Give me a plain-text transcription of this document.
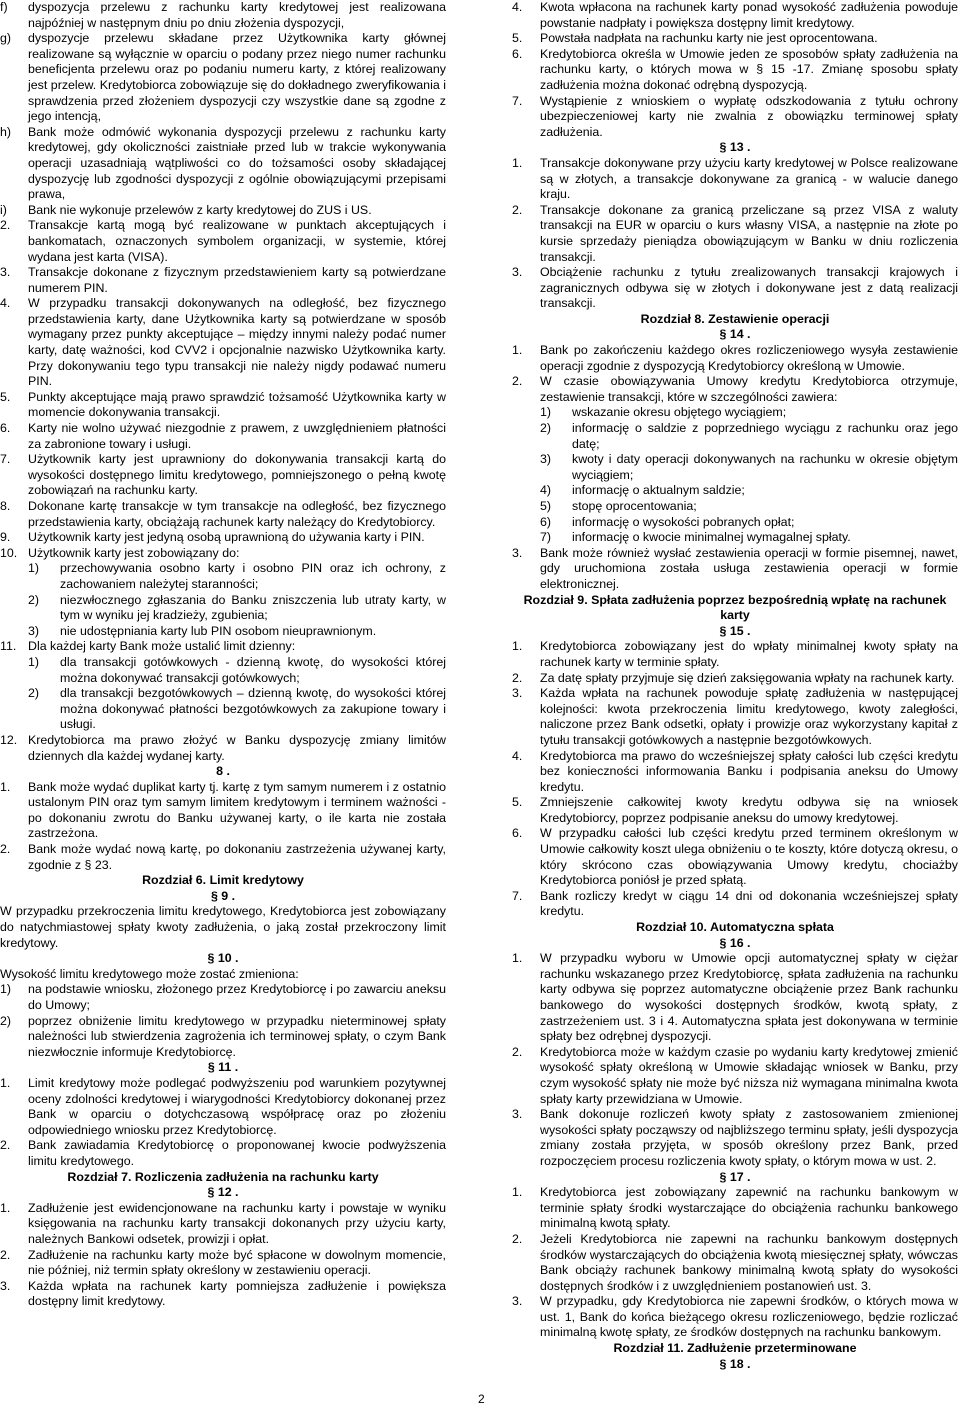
f)	dyspozycja przelewu z rachunku karty kredytowej jest realizowana najpóźniej w następnym dniu po dniu złożenia dyspozycji,
g)	dyspozycje przelewu składane przez Użytkownika karty głównej realizowane są wyłącznie w oparciu o podany przez niego numer rachunku beneficjenta przelewu oraz po podaniu numeru karty, z której realizowany jest przelew. Kredytobiorca zobowiązuje się do dokładnego zweryfikowania i sprawdzenia przed złożeniem dyspozycji czy wszystkie dane są zgodne z jego intencją,
h)	Bank może odmówić wykonania dyspozycji przelewu z rachunku karty kredytowej, gdy okoliczności zaistniałe przed lub w trakcie wykonywania operacji uzasadniają wątpliwości co do tożsamości osoby składającej dyspozycję lub zgodności dyspozycji z ogólnie obowiązującymi przepisami prawa,
i)	Bank nie wykonuje przelewów z karty kredytowej do ZUS i US.
2.	Transakcje kartą mogą być realizowane w punktach akceptujących i bankomatach, oznaczonych symbolem organizacji, w systemie, której wydana jest karta (VISA).
3.	Transakcje dokonane z fizycznym przedstawieniem karty są potwierdzane numerem PIN.
4.	W przypadku transakcji dokonywanych na odległość, bez fizycznego przedstawienia karty, dane Użytkownika karty są potwierdzane w sposób wymagany przez punkty akceptujące – między innymi należy podać numer karty, datę ważności, kod CVV2 i opcjonalnie nazwisko Użytkownika karty. Przy dokonywaniu tego typu transakcji nie należy nigdy podawać numeru PIN.
5.	Punkty akceptujące mają prawo sprawdzić tożsamość Użytkownika karty w momencie dokonywania transakcji.
6.	Karty nie wolno używać niezgodnie z prawem, z uwzględnieniem płatności za zabronione towary i usługi.
7.	Użytkownik karty jest uprawniony do dokonywania transakcji kartą do wysokości dostępnego limitu kredytowego, pomniejszonego o pełną kwotę zobowiązań na rachunku karty.
8.	Dokonane kartę transakcje w tym transakcje na odległość, bez fizycznego przedstawienia karty, obciążają rachunek karty należący do Kredytobiorcy.
9.	Użytkownik karty jest jedyną osobą uprawnioną do używania karty i PIN.
10. Użytkownik karty jest zobowiązany do:
1)	przechowywania osobno karty i osobno PIN oraz ich ochrony, z zachowaniem należytej staranności;
2)	niezwłocznego zgłaszania do Banku zniszczenia lub utraty karty, w tym w wyniku jej kradzieży, zgubienia;
3)	nie udostępniania karty lub PIN osobom nieuprawnionym.
11. Dla każdej karty Bank może ustalić limit dzienny:
1)	dla transakcji gotówkowych - dzienną kwotę, do wysokości której można dokonywać transakcji gotówkowych;
2)	dla transakcji bezgotówkowych – dzienną kwotę, do wysokości której można dokonywać płatności bezgotówkowych za zakupione towary i usługi.
12. Kredytobiorca ma prawo złożyć w Banku dyspozycję zmiany limitów dziennych dla każdej wydanej karty.
8 .
1.	Bank może wydać duplikat karty tj. kartę z tym samym numerem i z ostatnio ustalonym PIN oraz tym samym limitem kredytowym i terminem ważności - po dokonaniu zwrotu do Banku używanej karty, o ile karta nie została zastrzeżona.
2.	Bank może wydać nową kartę, po dokonaniu zastrzeżenia używanej karty, zgodnie z § 23.
Rozdział 6. Limit kredytowy
§ 9 .
W przypadku przekroczenia limitu kredytowego, Kredytobiorca jest zobowiązany do natychmiastowej spłaty kwoty zadłużenia, o jaką został przekroczony limit kredytowy.
§ 10 .
Wysokość limitu kredytowego może zostać zmieniona:
1)	na podstawie wniosku, złożonego przez Kredytobiorcę i po zawarciu aneksu do Umowy;
2)	poprzez obniżenie limitu kredytowego w przypadku nieterminowej spłaty należności lub stwierdzenia zagrożenia ich terminowej spłaty, o czym Bank niezwłocznie informuje Kredytobiorcę.
§ 11 .
1.	Limit kredytowy może podlegać podwyższeniu pod warunkiem pozytywnej oceny zdolności kredytowej i wiarygodności Kredytobiorcy dokonanej przez Bank w oparciu o dotychczasową współpracę oraz po złożeniu odpowiedniego wniosku przez Kredytobiorcę.
2.	Bank zawiadamia Kredytobiorcę o proponowanej kwocie podwyższenia limitu kredytowego.
Rozdział 7. Rozliczenia zadłużenia na rachunku karty
§ 12 .
1.	Zadłużenie jest ewidencjonowane na rachunku karty i powstaje w wyniku księgowania na rachunku karty transakcji dokonanych przy użyciu karty, należnych Bankowi odsetek, prowizji i opłat.
2.	Zadłużenie na rachunku karty może być spłacone w dowolnym momencie, nie później, niż termin spłaty określony w zestawieniu operacji.
3.	Każda wpłata na rachunek karty pomniejsza zadłużenie i powiększa dostępny limit kredytowy.
4.	Kwota wpłacona na rachunek karty ponad wysokość zadłużenia powoduje powstanie nadpłaty i powiększa dostępny limit kredytowy.
5.	Powstała nadpłata na rachunku karty nie jest oprocentowana.
6.	Kredytobiorca określa w Umowie jeden ze sposobów spłaty zadłużenia na rachunku karty, o których mowa w § 15 -17. Zmianę sposobu spłaty zadłużenia można dokonać odrębną dyspozycją.
7.	Wystąpienie z wnioskiem o wypłatę odszkodowania z tytułu ochrony ubezpieczeniowej karty nie zwalnia z obowiązku terminowej spłaty zadłużenia.
§ 13 .
1.	Transakcje dokonywane przy użyciu karty kredytowej w Polsce realizowane są w złotych, a transakcje dokonywane za granicą - w walucie danego kraju.
2.	Transakcje dokonane za granicą przeliczane są przez VISA z waluty transakcji na EUR w oparciu o kurs własny VISA, a następnie na złote po kursie sprzedaży pieniądza obowiązującym w Banku w dniu rozliczenia transakcji.
3.	Obciążenie rachunku z tytułu zrealizowanych transakcji krajowych i zagranicznych odbywa się w złotych i dokonywane jest z datą realizacji transakcji.
Rozdział 8. Zestawienie operacji
§ 14 .
1.	Bank po zakończeniu każdego okres rozliczeniowego wysyła zestawienie operacji zgodnie z dyspozycją Kredytobiorcy określoną w Umowie.
2.	W czasie obowiązywania Umowy kredytu Kredytobiorca otrzymuje, zestawienie transakcji, które w szczególności zawiera:
1)	wskazanie okresu objętego wyciągiem;
2)	informację o saldzie z poprzedniego wyciągu z rachunku oraz jego datę;
3)	kwoty i daty operacji dokonywanych na rachunku w okresie objętym wyciągiem;
4)	informację o aktualnym saldzie;
5)	stopę oprocentowania;
6)	informację o wysokości pobranych opłat;
7)	informację o kwocie minimalnej wymagalnej spłaty.
3.	Bank może również wysłać zestawienia operacji w formie pisemnej, nawet, gdy uruchomiona została usługa zestawienia operacji w formie elektronicznej.
Rozdział 9. Spłata zadłużenia poprzez bezpośrednią wpłatę na rachunek karty
§ 15 .
1.	Kredytobiorca zobowiązany jest do wpłaty minimalnej kwoty spłaty na rachunek karty w terminie spłaty.
2.	Za datę spłaty przyjmuje się dzień zaksięgowania wpłaty na rachunek karty.
3.	Każda wpłata na rachunek powoduje spłatę zadłużenia w następującej kolejności: kwota przekroczenia limitu kredytowego, kwoty zaległości, naliczone przez Bank odsetki, opłaty i prowizje oraz wykorzystany kapitał z tytułu transakcji gotówkowych a następnie bezgotówkowych.
4.	Kredytobiorca ma prawo do wcześniejszej spłaty całości lub części kredytu bez konieczności informowania Banku i podpisania aneksu do Umowy kredytu.
5.	Zmniejszenie całkowitej kwoty kredytu odbywa się na wniosek Kredytobiorcy, poprzez podpisanie aneksu do umowy kredytowej.
6.	W przypadku całości lub części kredytu przed terminem określonym w Umowie całkowity koszt ulega obniżeniu o te koszty, które dotyczą okresu, o który skrócono czas obowiązywania Umowy kredytu, chociażby Kredytobiorca poniósł je przed spłatą.
7.	Bank rozliczy kredyt w ciągu 14 dni od dokonania wcześniejszej spłaty kredytu.
Rozdział 10. Automatyczna spłata
§ 16 .
1.	W przypadku wyboru w Umowie opcji automatycznej spłaty w ciężar rachunku wskazanego przez Kredytobiorcę, spłata zadłużenia na rachunku karty odbywa się poprzez automatyczne obciążenie przez Bank rachunku bankowego do wysokości dostępnych środków, kwotą spłaty, z zastrzeżeniem ust. 3 i 4. Automatyczna spłata jest dokonywana w terminie spłaty bez odrębnej dyspozycji.
2.	Kredytobiorca może w każdym czasie po wydaniu karty kredytowej zmienić wysokość spłaty określoną w Umowie składając wniosek w Banku, przy czym wysokość spłaty nie może być niższa niż wymagana minimalna kwota spłaty karty przewidziana w Umowie.
3.	Bank dokonuje rozliczeń kwoty spłaty z zastosowaniem zmienionej wysokości spłaty począwszy od najbliższego terminu spłaty, jeśli dyspozycja zmiany została przyjęta, w sposób określony przez Bank, przed rozpoczęciem procesu rozliczenia kwoty spłaty, o którym mowa w ust. 2.
§ 17 .
1.	Kredytobiorca jest zobowiązany zapewnić na rachunku bankowym w terminie spłaty środki wystarczające do obciążenia rachunku bankowego minimalną kwotą spłaty.
2.	Jeżeli Kredytobiorca nie zapewni na rachunku bankowym dostępnych środków wystarczających do obciążenia kwotą miesięcznej spłaty, wówczas Bank obciąży rachunek bankowy minimalną kwotą spłaty do wysokości dostępnych środków i z uwzględnieniem postanowień ust. 3.
3.	W przypadku, gdy Kredytobiorca nie zapewni środków, o których mowa w ust. 1, Bank do końca bieżącego okresu rozliczeniowego, będzie rozliczać minimalną kwotę spłaty, ze środków dostępnych na rachunku bankowym.
Rozdział 11. Zadłużenie przeterminowane
§ 18 .
2
